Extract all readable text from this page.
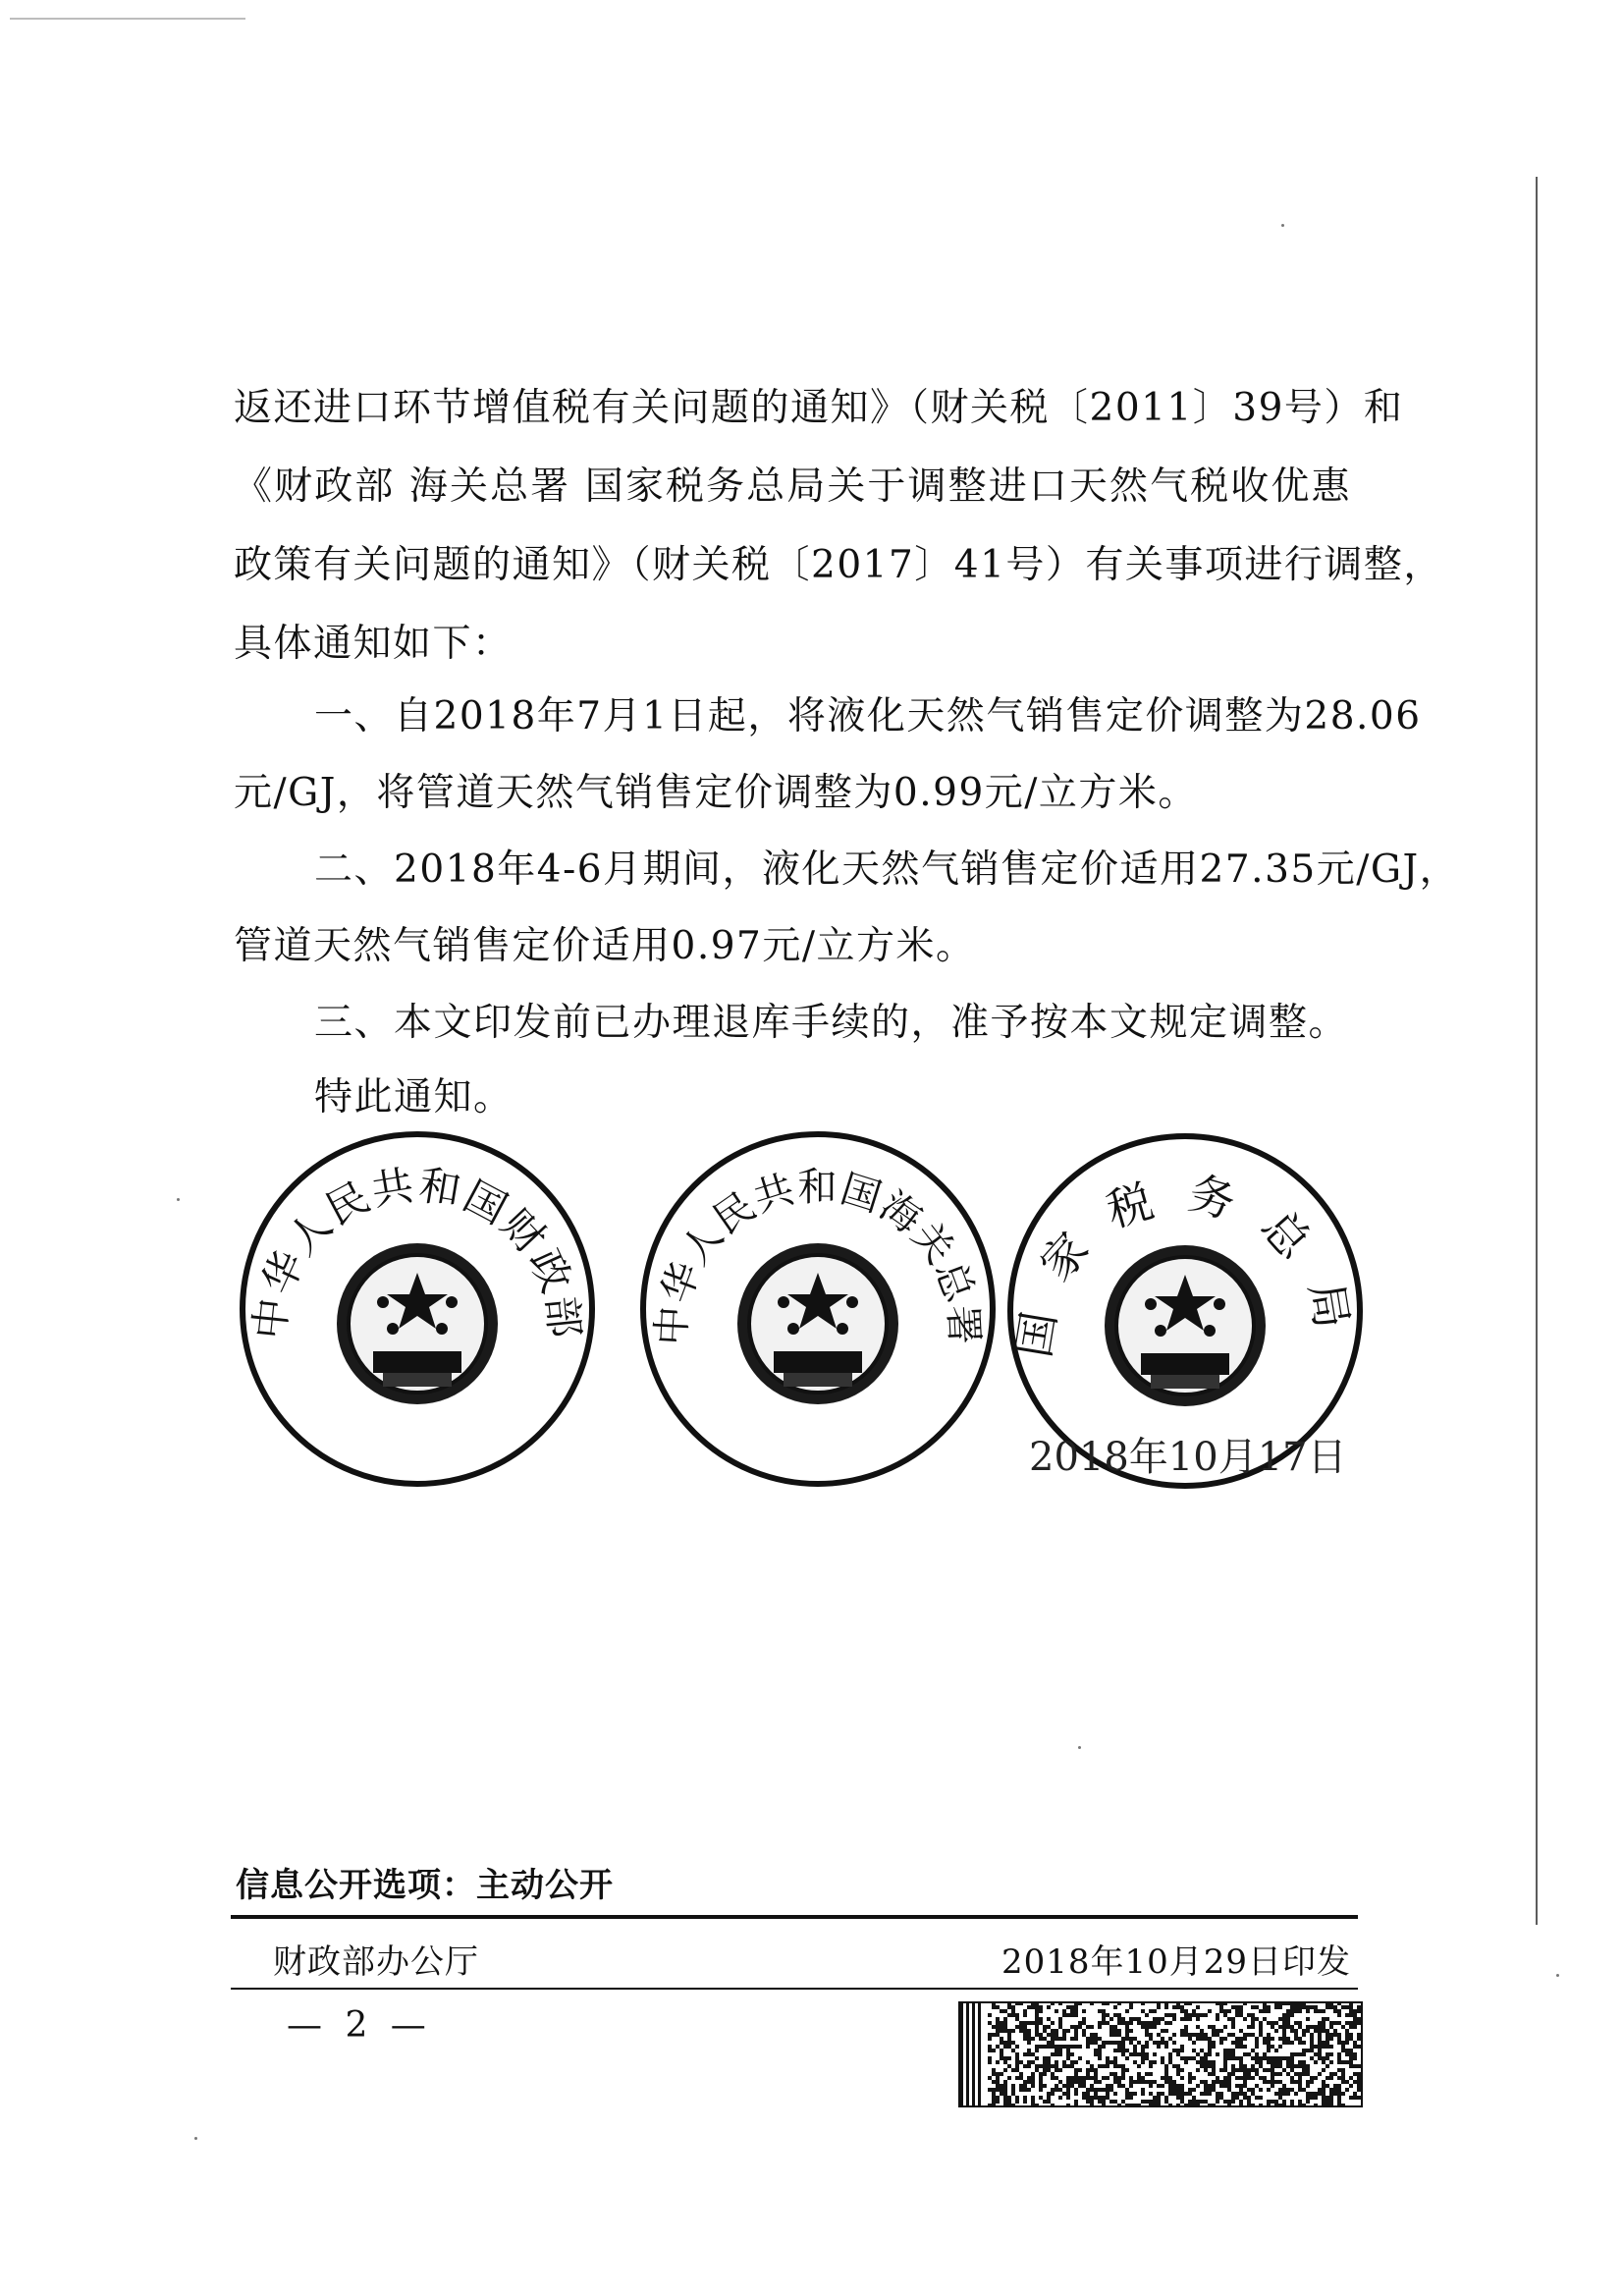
返还进口环节增值税有关问题的通知》（财关税〔2011〕39号）和
《财政部 海关总署 国家税务总局关于调整进口天然气税收优惠
政策有关问题的通知》（财关税〔2017〕41号）有关事项进行调整，
具体通知如下：
一、自2018年7月1日起，将液化天然气销售定价调整为28.06
元/GJ，将管道天然气销售定价调整为0.99元/立方米。
二、2018年4-6月期间，液化天然气销售定价适用27.35元/GJ，
管道天然气销售定价适用0.97元/立方米。
三、本文印发前已办理退库手续的，准予按本文规定调整。
特此通知。
中华人民共和国财政部 中华人民共和国海关总署 国家税务总局
2018年10月17日
信息公开选项：主动公开
财政部办公厅	2018年10月29日印发
— 2 —
